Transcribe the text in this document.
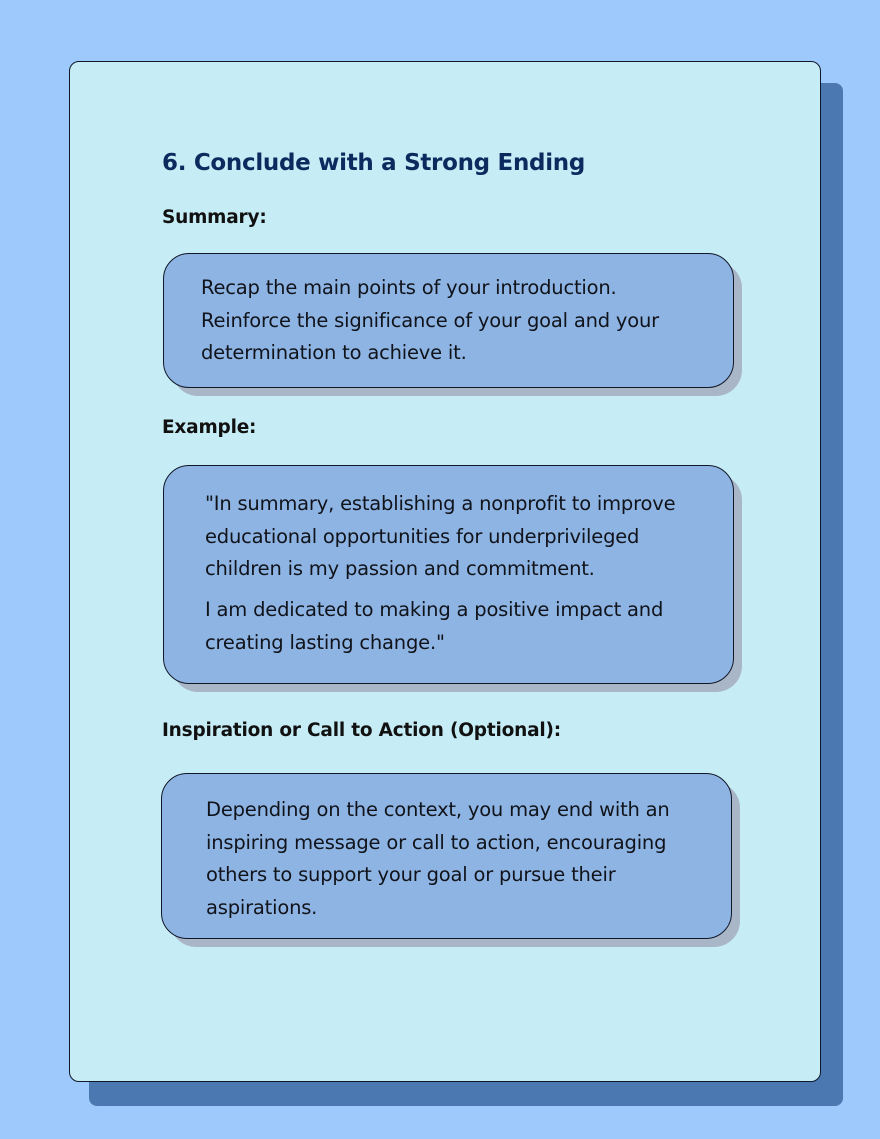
6. Conclude with a Strong Ending
Summary:

Recap the main points of your introduction. Reinforce the significance of your goal and your determination to achieve it.

Example:

"In summary, establishing a nonprofit to improve educational opportunities for underprivileged children is my passion and commitment.

I am dedicated to making a positive impact and creating lasting change."

Inspiration or Call to Action (Optional):

Depending on the context, you may end with an inspiring message or call to action, encouraging others to support your goal or pursue their aspirations.
